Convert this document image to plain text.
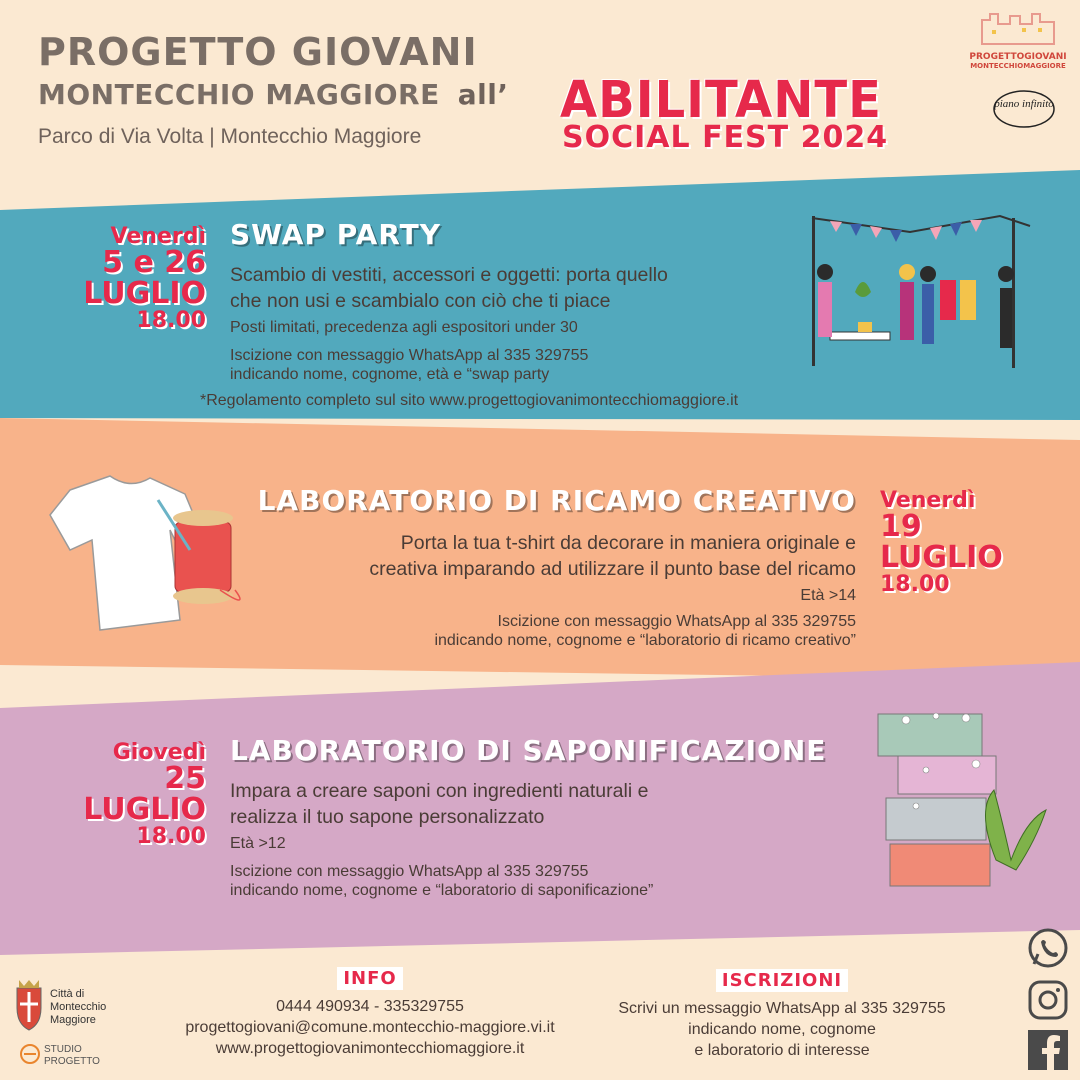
PROGETTO GIOVANI
MONTECCHIO MAGGIORE all’
Parco di Via Volta | Montecchio Maggiore
ABILITANTE
SOCIAL FEST 2024
PROGETTOGIOVANI
MONTECCHIOMAGGIORE
piano infinito
Venerdì
5 e 26
LUGLIO
18.00
SWAP PARTY
Scambio di vestiti, accessori e oggetti: porta quello
che non usi e scambialo con ciò che ti piace
Posti limitati, precedenza agli espositori under 30
Iscizione con messaggio WhatsApp al 335 329755
indicando nome, cognome, età e “swap party
*Regolamento completo sul sito www.progettogiovanimontecchiomaggiore.it
LABORATORIO DI RICAMO CREATIVO
Porta la tua t-shirt da decorare in maniera originale e
creativa imparando ad utilizzare il punto base del ricamo
Età >14
Iscizione con messaggio WhatsApp al 335 329755
indicando nome, cognome e “laboratorio di ricamo creativo”
Venerdì
19
LUGLIO
18.00
Giovedì
25
LUGLIO
18.00
LABORATORIO DI SAPONIFICAZIONE
Impara a creare saponi con ingredienti naturali e
realizza il tuo sapone personalizzato
Età >12
Iscizione con messaggio WhatsApp al 335 329755
indicando nome, cognome e “laboratorio di saponificazione”
Città di
Montecchio
Maggiore
STUDIO
PROGETTO
INFO
0444 490934 - 335329755
progettogiovani@comune.montecchio-maggiore.vi.it
www.progettogiovanimontecchiomaggiore.it
ISCRIZIONI
Scrivi un messaggio WhatsApp al 335 329755
indicando nome, cognome
e laboratorio di interesse
